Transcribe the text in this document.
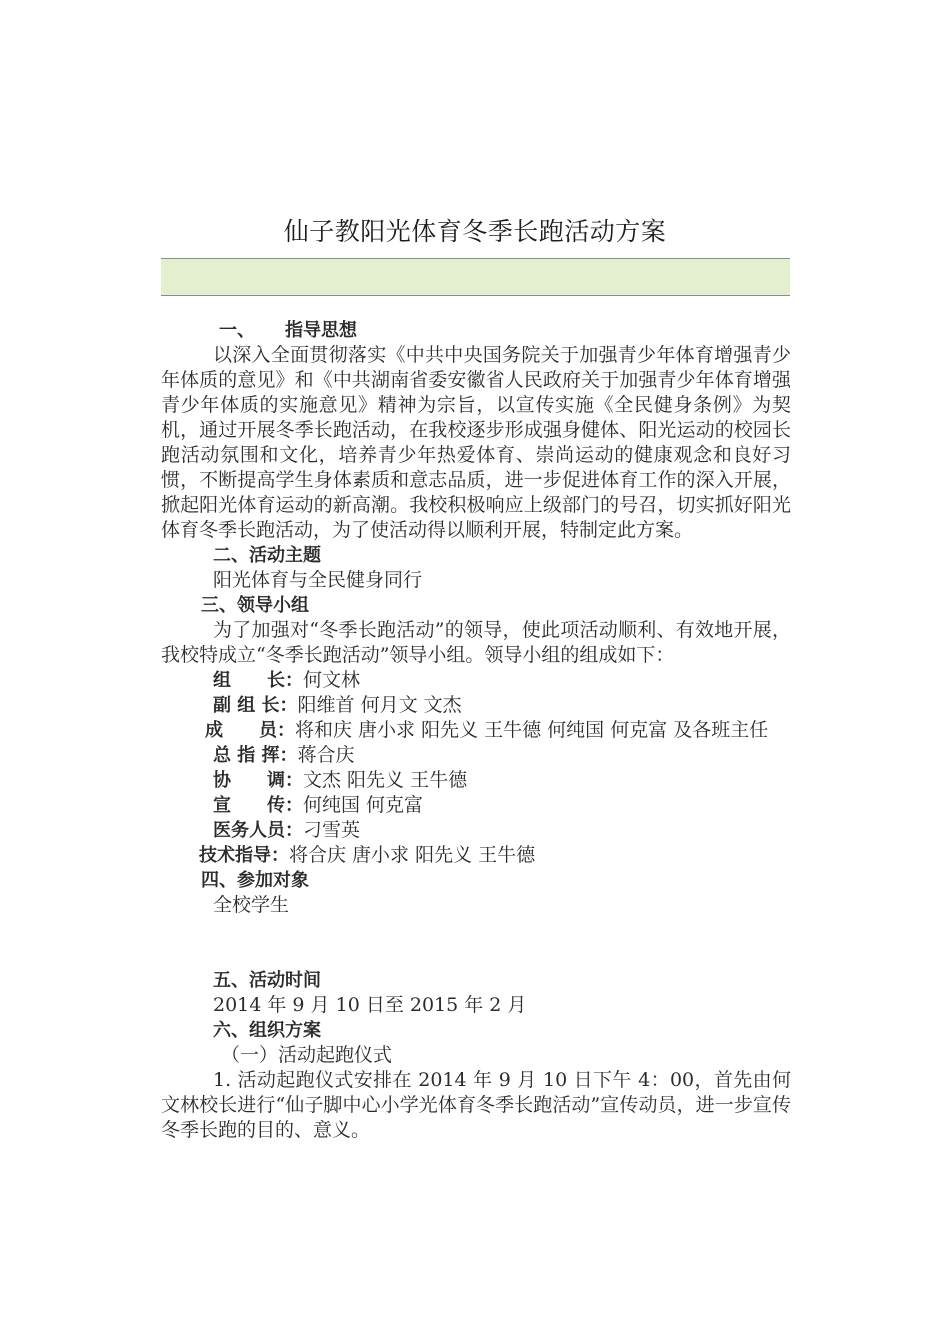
仙子教阳光体育冬季长跑活动方案

一、 指导思想

以深入全面贯彻落实《中共中央国务院关于加强青少年体育增强青少年体质的意见》和《中共湖南省委安徽省人民政府关于加强青少年体育增强青少年体质的实施意见》精神为宗旨，以宣传实施《全民健身条例》为契机，通过开展冬季长跑活动，在我校逐步形成强身健体、阳光运动的校园长跑活动氛围和文化，培养青少年热爱体育、崇尚运动的健康观念和良好习惯，不断提高学生身体素质和意志品质，进一步促进体育工作的深入开展，掀起阳光体育运动的新高潮。我校积极响应上级部门的号召，切实抓好阳光体育冬季长跑活动，为了使活动得以顺利开展，特制定此方案。

二、活动主题

阳光体育与全民健身同行

三、领导小组

为了加强对“冬季长跑活动”的领导，使此项活动顺利、有效地开展，我校特成立“冬季长跑活动”领导小组。领导小组的组成如下：

组　　长： 何文林
副 组 长： 阳维首 何月文 文杰
成　　员： 将和庆 唐小求 阳先义 王牛德 何纯国 何克富 及各班主任
总 指 挥： 蒋合庆
协　　调： 文杰 阳先义 王牛德
宣　　传： 何纯国 何克富
医务人员： 刁雪英
技术指导： 将合庆 唐小求 阳先义 王牛德

四、参加对象

全校学生

五、活动时间

2014 年 9 月 10 日至 2015 年 2 月

六、组织方案

（一）活动起跑仪式

1. 活动起跑仪式安排在 2014 年 9 月 10 日下午 4：00，首先由何文林校长进行“仙子脚中心小学光体育冬季长跑活动”宣传动员，进一步宣传冬季长跑的目的、意义。
